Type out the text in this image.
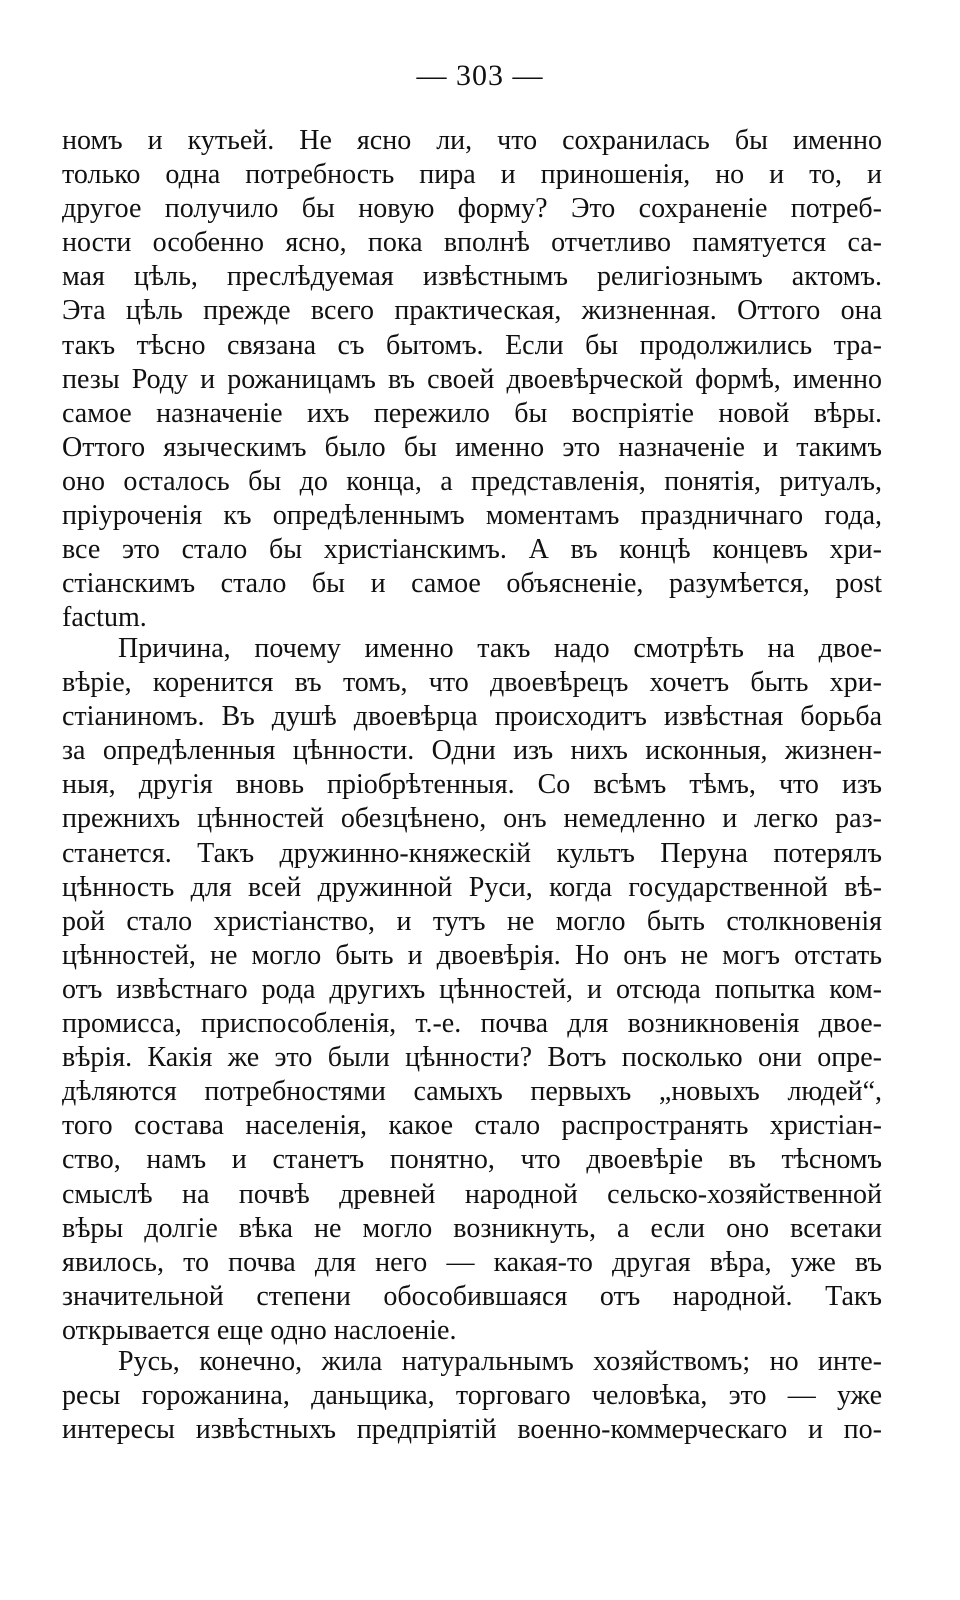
— 303 —
номъ и кутьей. Не ясно ли, что сохранилась бы именно
только одна потребность пира и приношенія, но и то, и
другое получило бы новую форму? Это сохраненіе потреб-
ности особенно ясно, пока вполнѣ отчетливо памятуется са-
мая цѣль, преслѣдуемая извѣстнымъ религіознымъ актомъ.
Эта цѣль прежде всего практическая, жизненная. Оттого она
такъ тѣсно связана съ бытомъ. Если бы продолжились тра-
пезы Роду и рожаницамъ въ своей двоевѣрческой формѣ, именно
самое назначеніе ихъ пережило бы воспріятіе новой вѣры.
Оттого языческимъ было бы именно это назначеніе и такимъ
оно осталось бы до конца, а представленія, понятія, ритуалъ,
пріуроченія къ опредѣленнымъ моментамъ праздничнаго года,
все это стало бы христіанскимъ. А въ концѣ концевъ хри-
стіанскимъ стало бы и самое объясненіе, разумѣется, post
factum.
Причина, почему именно такъ надо смотрѣть на двое-
вѣріе, коренится въ томъ, что двоевѣрецъ хочетъ быть хри-
стіаниномъ. Въ душѣ двоевѣрца происходитъ извѣстная борьба
за опредѣленныя цѣнности. Одни изъ нихъ исконныя, жизнен-
ныя, другія вновь пріобрѣтенныя. Со всѣмъ тѣмъ, что изъ
прежнихъ цѣнностей обезцѣнено, онъ немедленно и легко раз-
станется. Такъ дружинно-княжескій культъ Перуна потерялъ
цѣнность для всей дружинной Руси, когда государственной вѣ-
рой стало христіанство, и тутъ не могло быть столкновенія
цѣнностей, не могло быть и двоевѣрія. Но онъ не могъ отстать
отъ извѣстнаго рода другихъ цѣнностей, и отсюда попытка ком-
промисса, приспособленія, т.-е. почва для возникновенія двое-
вѣрія. Какія же это были цѣнности? Вотъ посколько они опре-
дѣляются потребностями самыхъ первыхъ „новыхъ людей“,
того состава населенія, какое стало распространять христіан-
ство, намъ и станетъ понятно, что двоевѣріе въ тѣсномъ
смыслѣ на почвѣ древней народной сельско-хозяйственной
вѣры долгіе вѣка не могло возникнуть, а если оно всетаки
явилось, то почва для него — какая-то другая вѣра, уже въ
значительной степени обособившаяся отъ народной. Такъ
открывается еще одно наслоеніе.
Русь, конечно, жила натуральнымъ хозяйствомъ; но инте-
ресы горожанина, даньщика, торговаго человѣка, это — уже
интересы извѣстныхъ предпріятій военно-коммерческаго и по-
